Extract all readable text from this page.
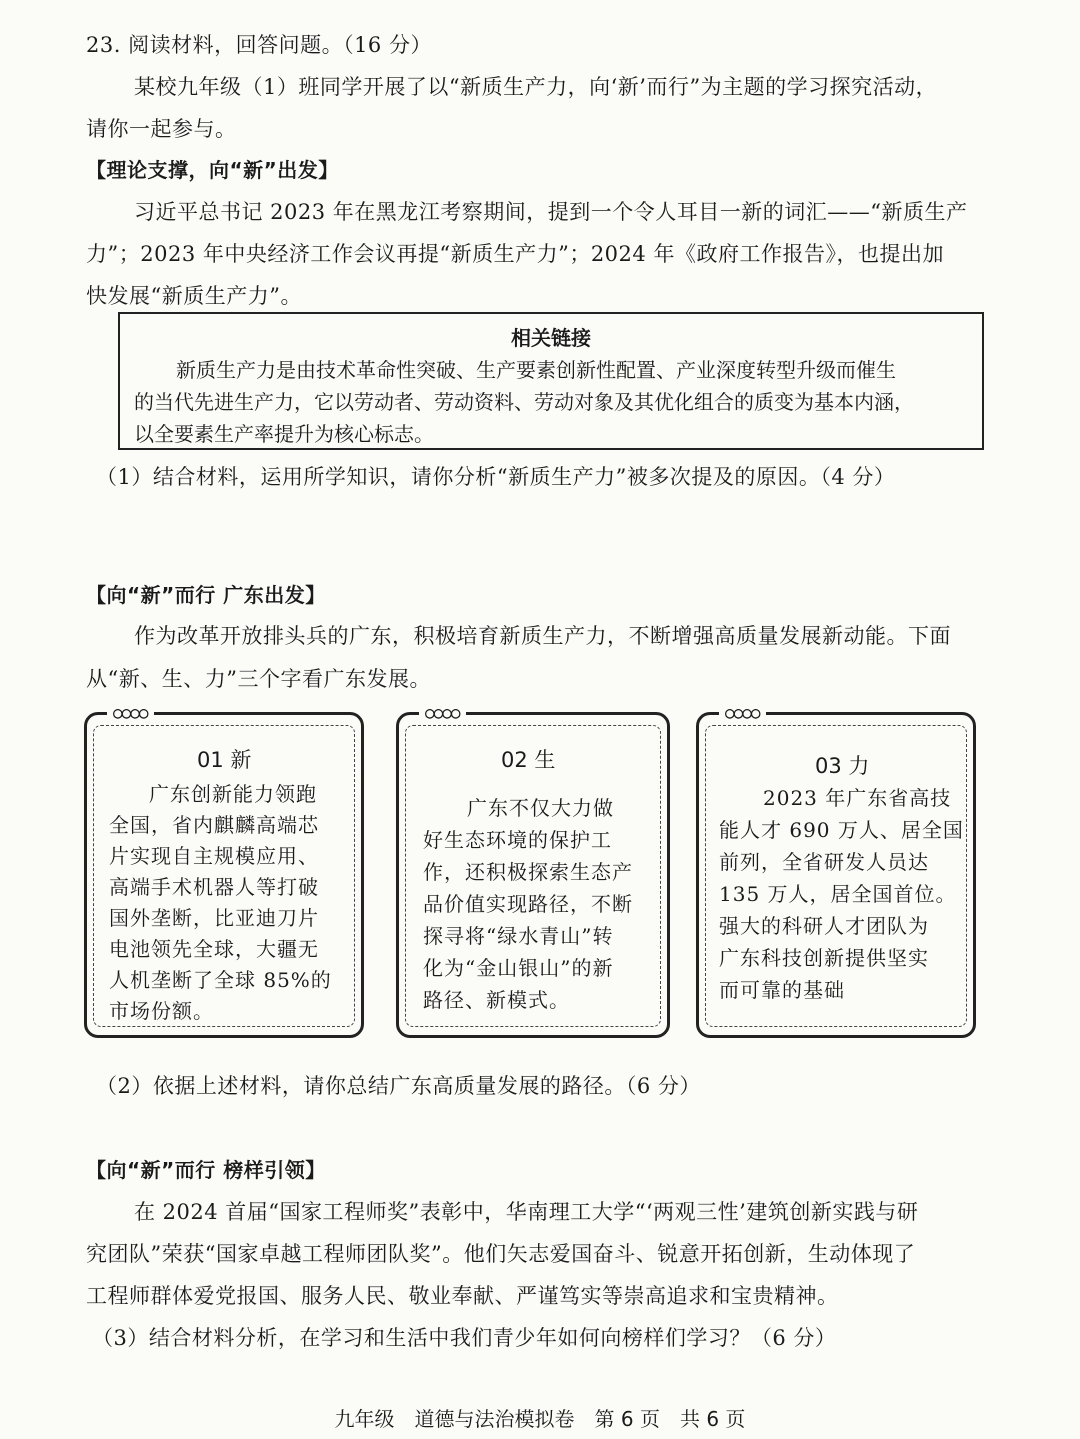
23. 阅读材料，回答问题。（16 分）
某校九年级（1）班同学开展了以“新质生产力，向‘新’而行”为主题的学习探究活动，
请你一起参与。
【理论支撑，向“新”出发】
习近平总书记 2023 年在黑龙江考察期间，提到一个令人耳目一新的词汇——“新质生产
力”；2023 年中央经济工作会议再提“新质生产力”；2024 年《政府工作报告》，也提出加
快发展“新质生产力”。
相关链接
新质生产力是由技术革命性突破、生产要素创新性配置、产业深度转型升级而催生
的当代先进生产力，它以劳动者、劳动资料、劳动对象及其优化组合的质变为基本内涵，
以全要素生产率提升为核心标志。
（1）结合材料，运用所学知识，请你分析“新质生产力”被多次提及的原因。（4 分）
【向“新”而行 广东出发】
作为改革开放排头兵的广东，积极培育新质生产力，不断增强高质量发展新动能。下面
从“新、生、力”三个字看广东发展。
○○○○
01 新
广东创新能力领跑
全国，省内麒麟高端芯
片实现自主规模应用、
高端手术机器人等打破
国外垄断，比亚迪刀片
电池领先全球，大疆无
人机垄断了全球 85%的
市场份额。
○○○○
02 生
广东不仅大力做
好生态环境的保护工
作，还积极探索生态产
品价值实现路径，不断
探寻将“绿水青山”转
化为“金山银山”的新
路径、新模式。
○○○○
03 力
2023 年广东省高技
能人才 690 万人、居全国
前列，全省研发人员达
135 万人，居全国首位。
强大的科研人才团队为
广东科技创新提供坚实
而可靠的基础
（2）依据上述材料，请你总结广东高质量发展的路径。（6 分）
【向“新”而行 榜样引领】
在 2024 首届“国家工程师奖”表彰中，华南理工大学“‘两观三性’建筑创新实践与研
究团队”荣获“国家卓越工程师团队奖”。他们矢志爱国奋斗、锐意开拓创新，生动体现了
工程师群体爱党报国、服务人民、敬业奉献、严谨笃实等崇高追求和宝贵精神。
（3）结合材料分析，在学习和生活中我们青少年如何向榜样们学习？（6 分）
九年级　道德与法治模拟卷　第 6 页　共 6 页
